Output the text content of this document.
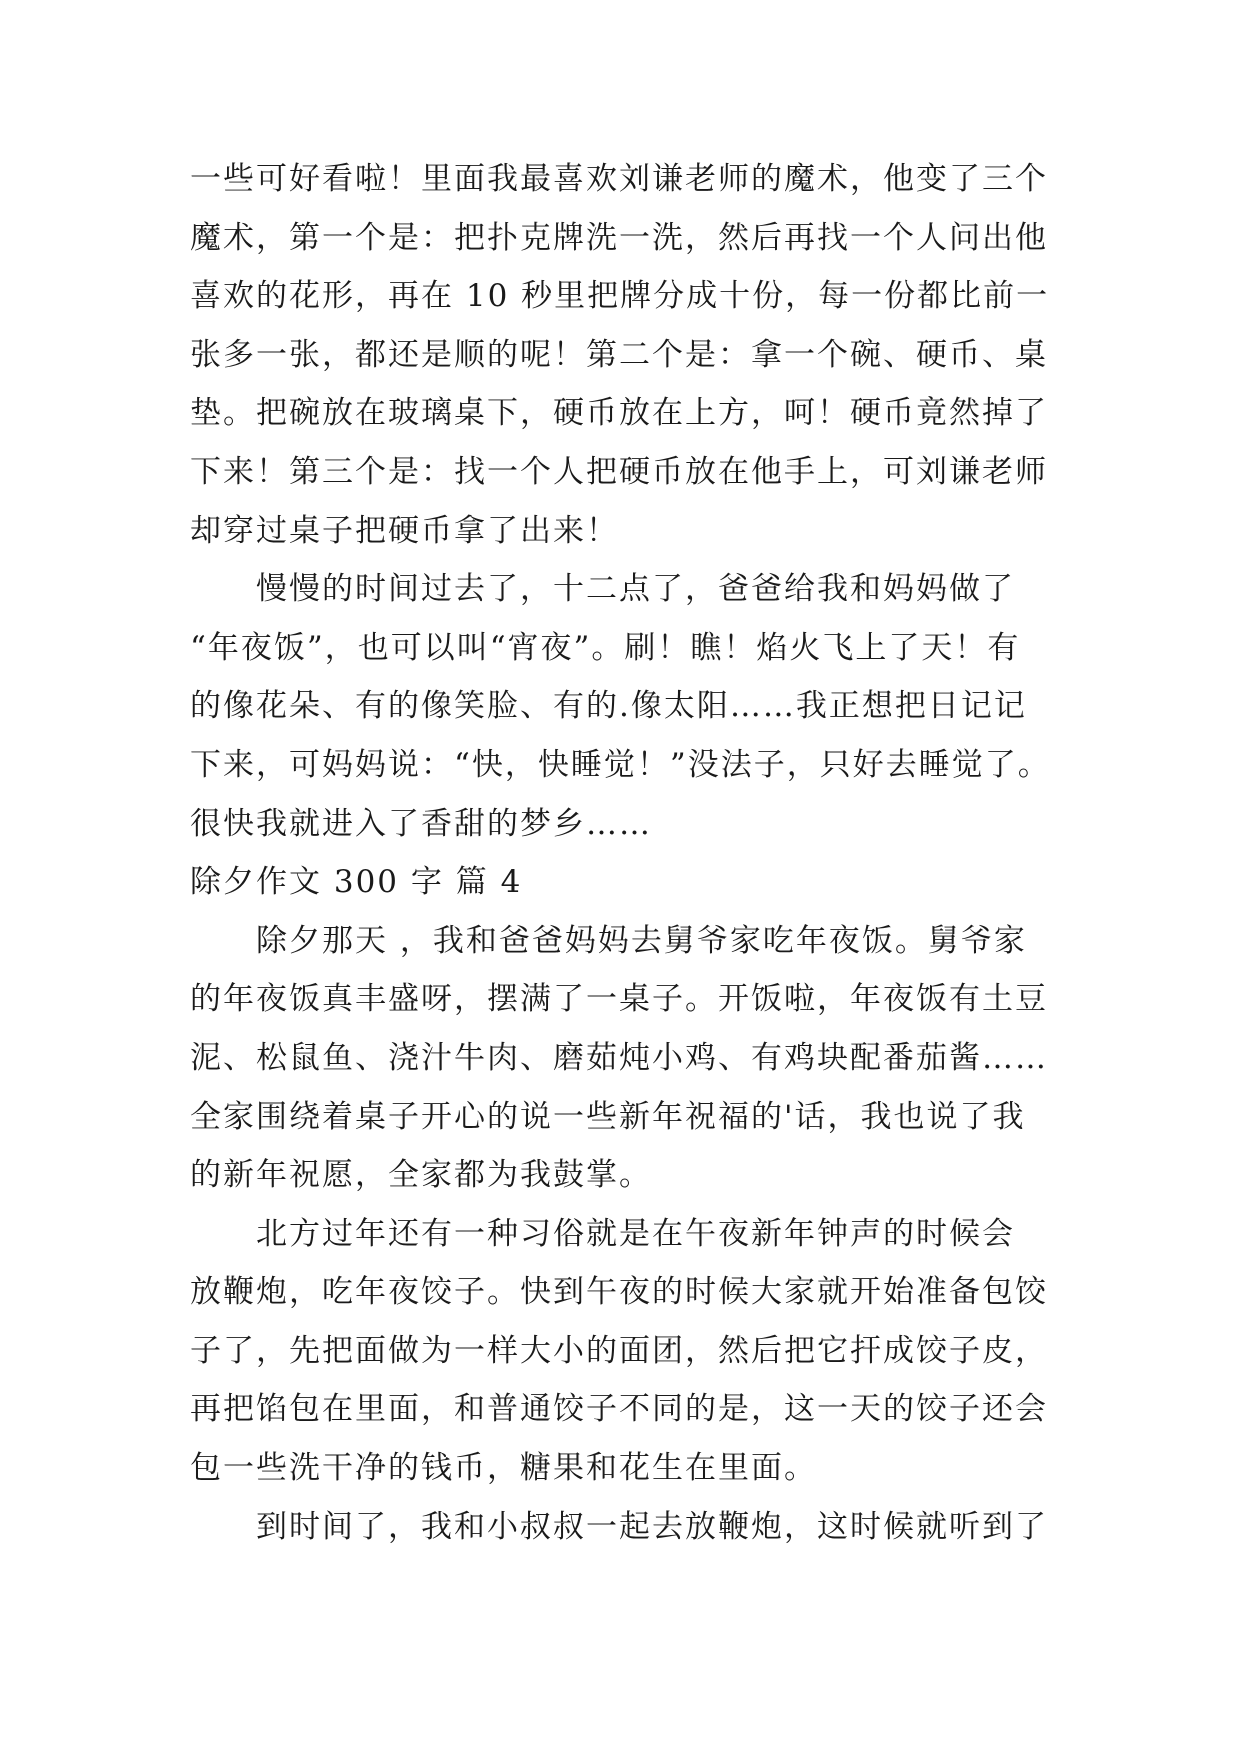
一些可好看啦！里面我最喜欢刘谦老师的魔术，他变了三个
魔术，第一个是：把扑克牌洗一洗，然后再找一个人问出他
喜欢的花形，再在 10 秒里把牌分成十份，每一份都比前一
张多一张，都还是顺的呢！第二个是：拿一个碗、硬币、桌
垫。把碗放在玻璃桌下，硬币放在上方，呵！硬币竟然掉了
下来！第三个是：找一个人把硬币放在他手上，可刘谦老师
却穿过桌子把硬币拿了出来！
慢慢的时间过去了，十二点了，爸爸给我和妈妈做了
“年夜饭”，也可以叫“宵夜”。刷！瞧！焰火飞上了天！有
的像花朵、有的像笑脸、有的.像太阳……我正想把日记记
下来，可妈妈说：“快，快睡觉！”没法子，只好去睡觉了。
很快我就进入了香甜的梦乡……
除夕作文 300 字 篇 4
除夕那天 ，我和爸爸妈妈去舅爷家吃年夜饭。舅爷家
的年夜饭真丰盛呀，摆满了一桌子。开饭啦，年夜饭有土豆
泥、松鼠鱼、浇汁牛肉、磨茹炖小鸡、有鸡块配番茄酱……
全家围绕着桌子开心的说一些新年祝福的'话，我也说了我
的新年祝愿，全家都为我鼓掌。
北方过年还有一种习俗就是在午夜新年钟声的时候会
放鞭炮，吃年夜饺子。快到午夜的时候大家就开始准备包饺
子了，先把面做为一样大小的面团，然后把它扞成饺子皮，
再把馅包在里面，和普通饺子不同的是，这一天的饺子还会
包一些洗干净的钱币，糖果和花生在里面。
到时间了，我和小叔叔一起去放鞭炮，这时候就听到了
